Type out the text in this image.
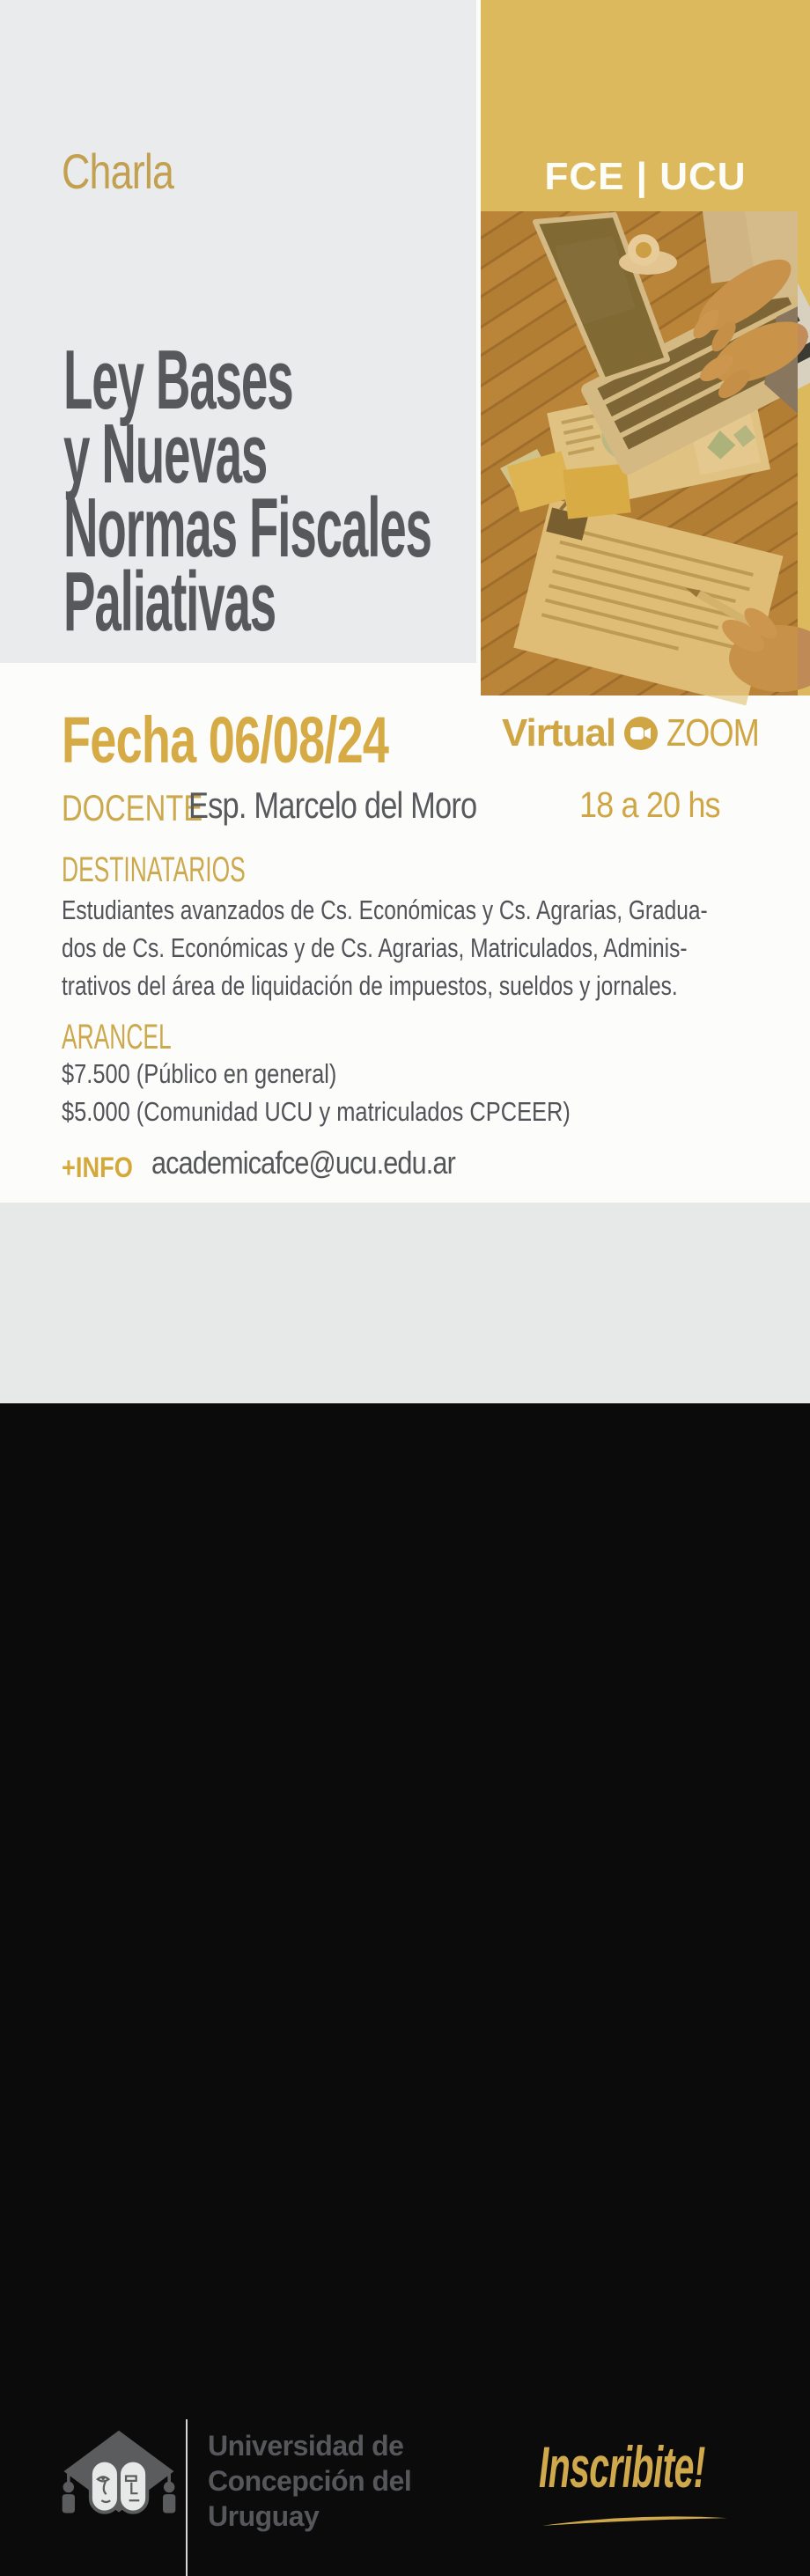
FCE | UCU
Charla
Ley Bases
y Nuevas
Normas Fiscales
Paliativas
Fecha 06/08/24	Virtual ZOOM
DOCENTE
Esp. Marcelo del Moro	18 a 20 hs
DESTINATARIOS
Estudiantes avanzados de Cs. Económicas y Cs. Agrarias, Gradua-
dos de Cs. Económicas y de Cs. Agrarias, Matriculados, Adminis-
trativos del área de liquidación de impuestos, sueldos y jornales.
ARANCEL
$7.500 (Público en general)
$5.000 (Comunidad UCU y matriculados CPCEER)
+INFO academicafce@ucu.edu.ar
Universidad de
Concepción del
Uruguay
Inscribite!
